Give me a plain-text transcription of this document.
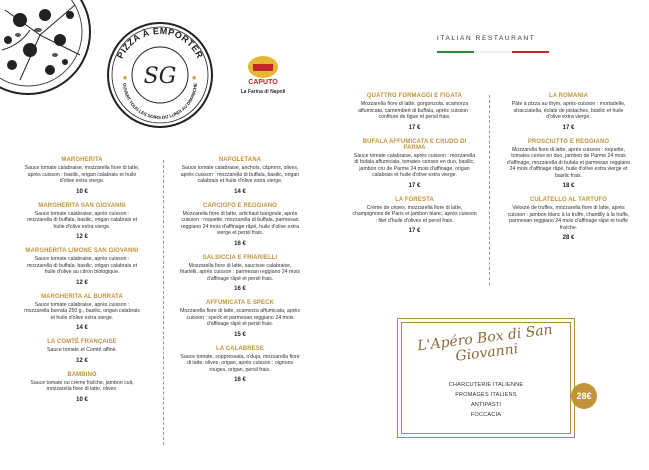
PIZZA À EMPORTER
OUVERT TOUS LES SOIRS DU LUNDI AU DIMANCHE
SG
★	★
CAPUTO
La Farina di Napoli
ITALIAN RESTAURANT
MARGHERITA
Sauce tomate calabraise, mozzarella fiore di latte, après cuisson : basilic, origan calabrais et huile d'olive extra vierge.
10 €
MARGHERITA SAN GIOVANNI
Sauce tomate calabraise, après cuisson : mozzarella di buffala, basilic, origan calabrais et huile d'olive extra vierge.
12 €
MARGHERITA LIMONE SAN GIOVANNI
Sauce tomate calabraise, après cuisson : mozzarella di buffala, basilic, origan calabrais et huile d'olive au citron biologique.
12 €
MARGHERITA AL BURRATA
Sauce tomate calabraise, après cuisson : mozzarella burrata 250 g., basilic, origan calabrais et huile d'olive extra vierge.
14 €
LA COMTÉ FRANÇAISE
Sauce tomate et Comté affiné.
12 €
BAMBINO
Sauce tomate ou crème fraîche, jambon cuit, mozzarella fiore di latte, olives.
10 €
NAPOLETANA
Sauce tomate calabraise, anchois, câprons, olives, après cuisson : mozzarella di buffala, basilic, origan calabrais et huile d'olive extra vierge.
14 €
CARCIOFO E REGGIANO
Mozzarella fiore di latte, artichaut barigoule, après cuisson : roquette, mozzarella di buffala, parmesan reggiano 24 mois d'affinage râpé, huile d'olive extra vierge et persil frais.
16 €
SALSICCIA E FRIARIELLI
Mozzarella fiore di latte, saucisse calabraise, friarielli, après cuisson : parmesan reggiano 24 mois d'affinage râpé et persil frais.
16 €
AFFUMICATA E SPECK
Mozzarella fiore di latte, scamorza affumicata, après cuisson : speck et parmesan reggiano 24 mois d'affinage râpé et persil frais.
15 €
LA CALABRESE
Sauce tomate, soppressata, n'duja, mozzarella fiore di latte, olives, origan, après cuisson : oignons rouges, origan, persil frais.
16 €
QUATTRO FORMAGGI E FIGATA
Mozzarella fiore di latte, gorgonzola, scamorza affumicata, camembert di buffala, après cuisson : confiture de figue et persil frais.
17 €
BUFALA AFFUMICATA E CRUDO DI PARMA
Sauce tomate calabraise, après cuisson : mozzarella di bufala affumicata, tomates cerises en duo, basilic, jambon cru de Parme 24 mois d'affinage, origan calabrais et huile d'olive extra vierge.
17 €
LA FORESTA
Crème de cèpes, mozzarella fiore di latte, champignons de Paris et jambon blanc, après cuisson : filet d'huile d'olives et persil frais.
17 €
LA ROMANIA
Pâte à pizza au thym, après-cuisson : mortadelle, stracciatella, éclats de pistaches, basilic et huile d'olive extra vierge.
17 €
PROSCIUTTO E REGGIANO
Mozzarella fiore di latte, après cuisson : roquette, tomates cerise en duo, jambon de Parme 24 mois d'affinage, mozzarella di bufala et parmesan reggiano 24 mois d'affinage râpé, huile d'olive extra vierge et basilic frais.
18 €
CULATELLO AL TARTUFO
Velouté de truffes, mozzarella fiore di latte, après cuisson : jambon blanc à la truffe, chantilly à la truffe, parmesan reggiano 24 mois d'affinage râpé et truffe fraîche.
28 €
L'Apéro Box di San Giovanni
CHARCUTERIE ITALIENNE
FROMAGES ITALIENS
ANTIPASTI
FOCCACIA
28€
